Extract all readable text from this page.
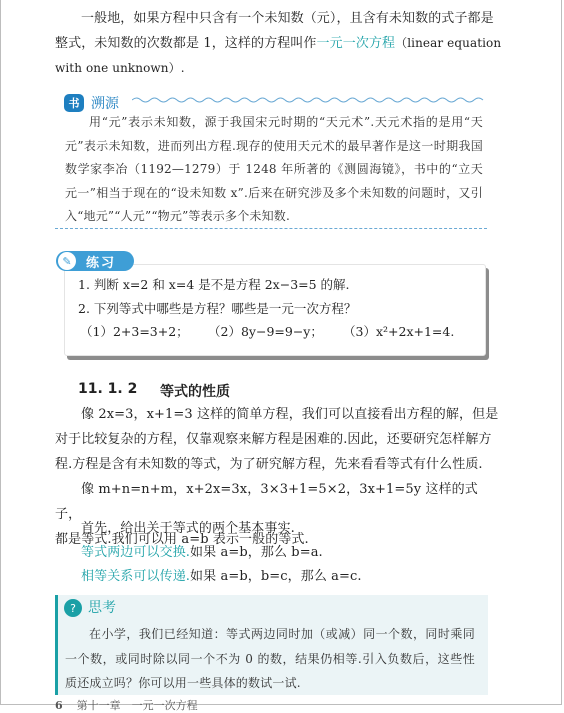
一般地，如果方程中只含有一个未知数（元），且含有未知数的式子都是
整式，未知数的次数都是 1，这样的方程叫作一元一次方程（linear equation
with one unknown）.
书 溯源
用“元”表示未知数，源于我国宋元时期的“天元术”.天元术指的是用“天元”表示未知数，进而列出方程.现存的使用天元术的最早著作是这一时期我国数学家李冶（1192—1279）于 1248 年所著的《测圆海镜》，书中的“立天元一”相当于现在的“设未知数 x”.后来在研究涉及多个未知数的问题时，又引入“地元”“人元”“物元”等表示多个未知数.
✎	练习
1. 判断 x=2 和 x=4 是不是方程 2x−3=5 的解.
2. 下列等式中哪些是方程？哪些是一元一次方程？
（1）2+3=3+2； （2）8y−9=9−y； （3）x²+2x+1=4.
11. 1. 2 等式的性质
像 2x=3，x+1=3 这样的简单方程，我们可以直接看出方程的解，但是
对于比较复杂的方程，仅靠观察来解方程是困难的.因此，还要研究怎样解方
程.方程是含有未知数的等式，为了研究解方程，先来看看等式有什么性质.
像 m+n=n+m，x+2x=3x，3×3+1=5×2，3x+1=5y 这样的式子，
都是等式.我们可以用 a=b 表示一般的等式.
首先，给出关于等式的两个基本事实.
等式两边可以交换.如果 a=b，那么 b=a.
相等关系可以传递.如果 a=b，b=c，那么 a=c.
? 思考
在小学，我们已经知道：等式两边同时加（或减）同一个数，同时乘同一个数，或同时除以同一个不为 0 的数，结果仍相等.引入负数后，这些性质还成立吗？你可以用一些具体的数试一试.
6 第十一章　一元一次方程
